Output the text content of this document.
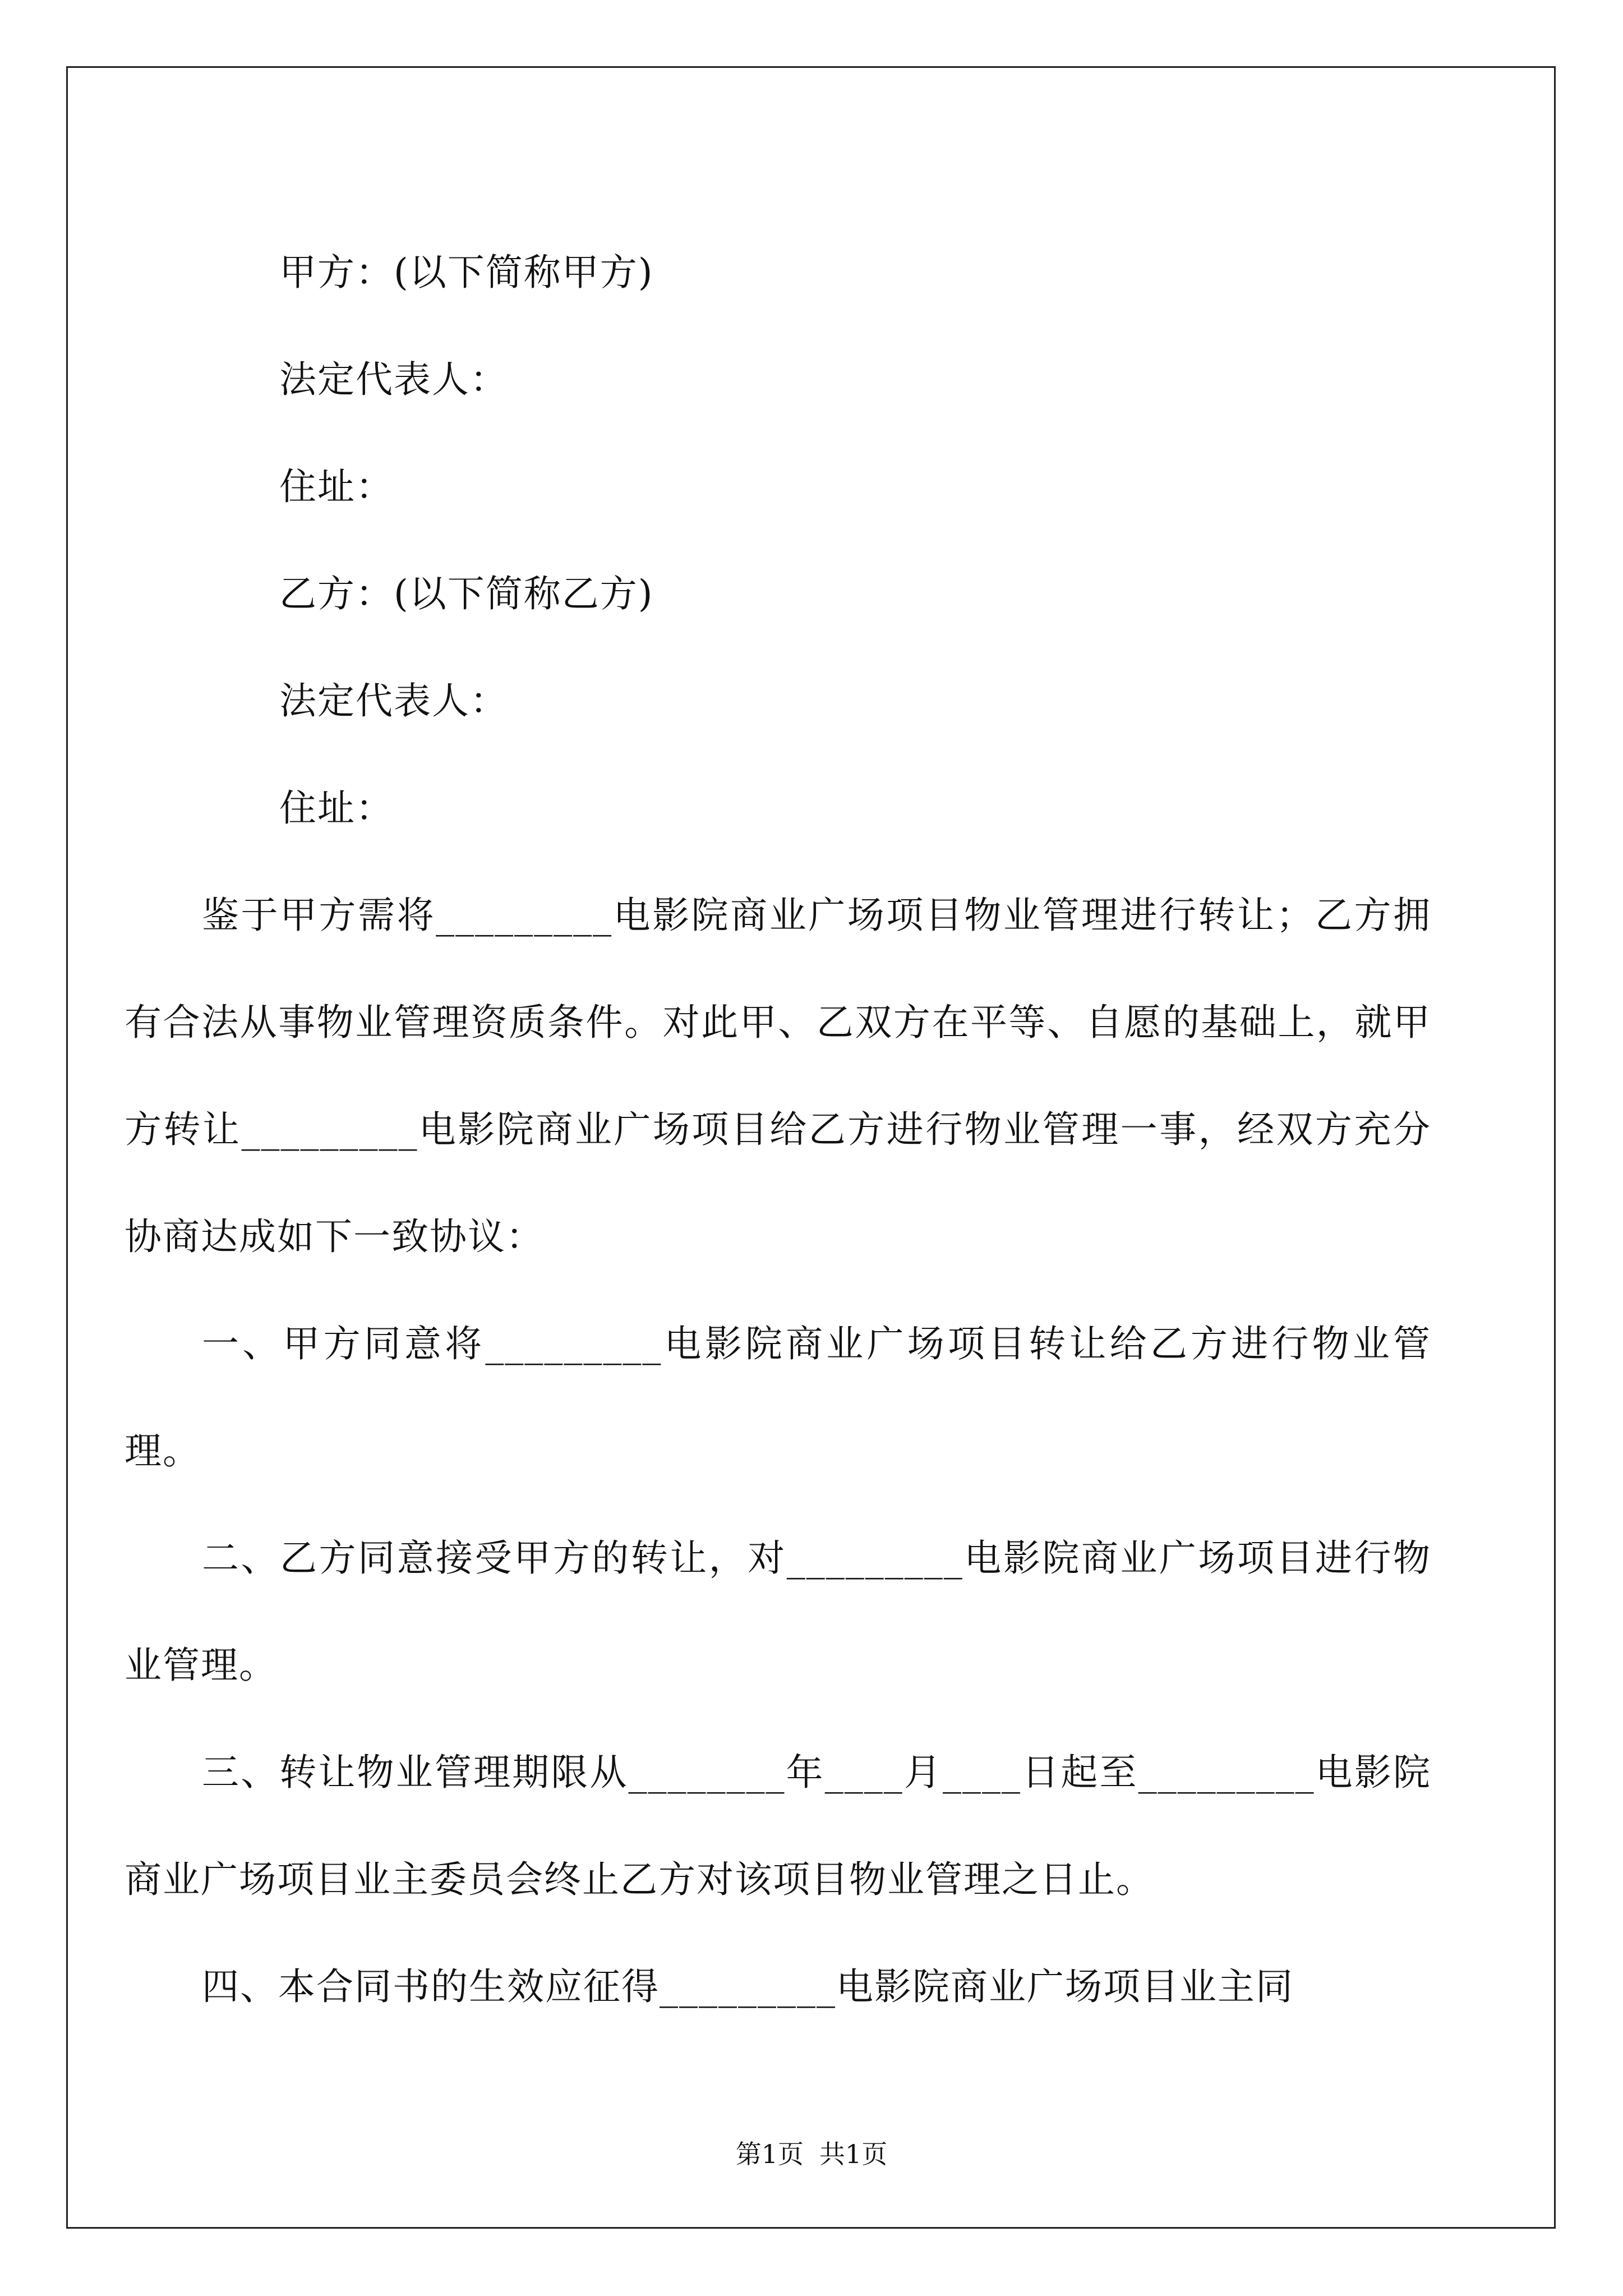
甲方：(以下简称甲方)

法定代表人：

住址：

乙方：(以下简称乙方)

法定代表人：

住址：

鉴于甲方需将_________电影院商业广场项目物业管理进行转让；乙方拥有合法从事物业管理资质条件。对此甲、乙双方在平等、自愿的基础上，就甲方转让_________电影院商业广场项目给乙方进行物业管理一事，经双方充分协商达成如下一致协议：

一、甲方同意将_________电影院商业广场项目转让给乙方进行物业管理。

二、乙方同意接受甲方的转让，对_________电影院商业广场项目进行物业管理。

三、转让物业管理期限从________年____月____日起至_________电影院商业广场项目业主委员会终止乙方对该项目物业管理之日止。

四、本合同书的生效应征得_________电影院商业广场项目业主同

第1页 共1页
